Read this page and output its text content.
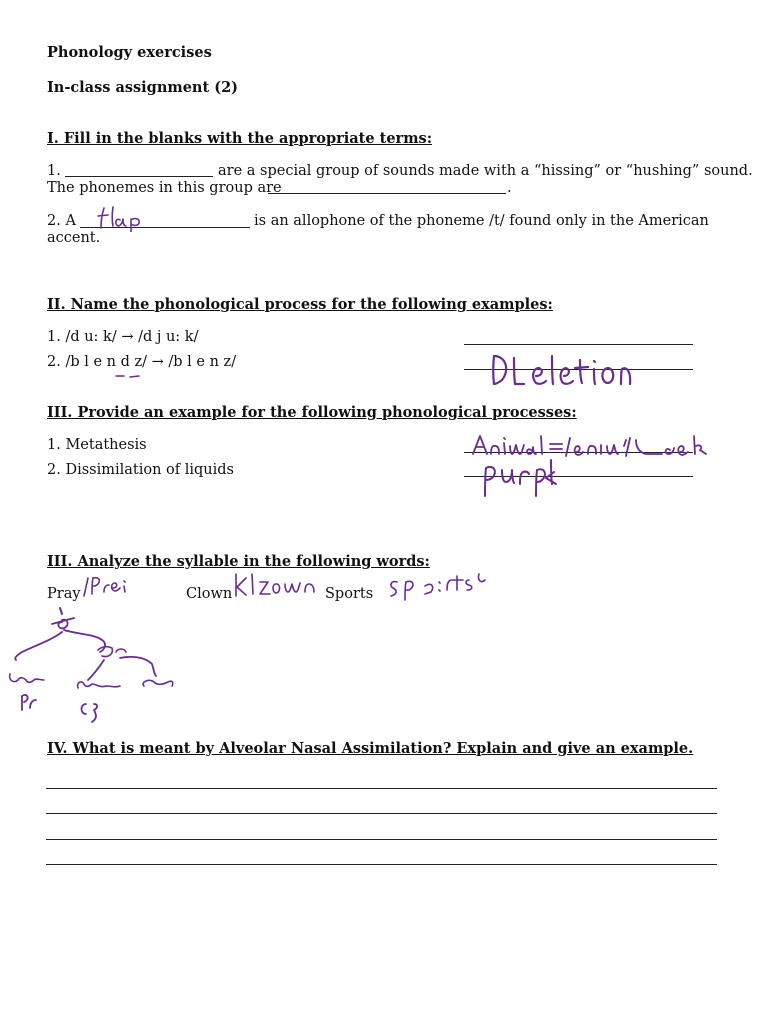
Phonology exercises
In-class assignment (2)
I. Fill in the blanks with the appropriate terms:
1.	are a special group of sounds made with a “hissing” or “hushing” sound.
The phonemes in this group are	.
2. A	is an allophone of the phoneme /t/ found only in the American
accent.
II. Name the phonological process for the following examples:
1. /d u: k/ → /d j u: k/
2. /b l e n d z/ → /b l e n z/
III. Provide an example for the following phonological processes:
1. Metathesis
2. Dissimilation of liquids
III. Analyze the syllable in the following words:
Pray	Clown	Sports
IV. What is meant by Alveolar Nasal Assimilation? Explain and give an example.
